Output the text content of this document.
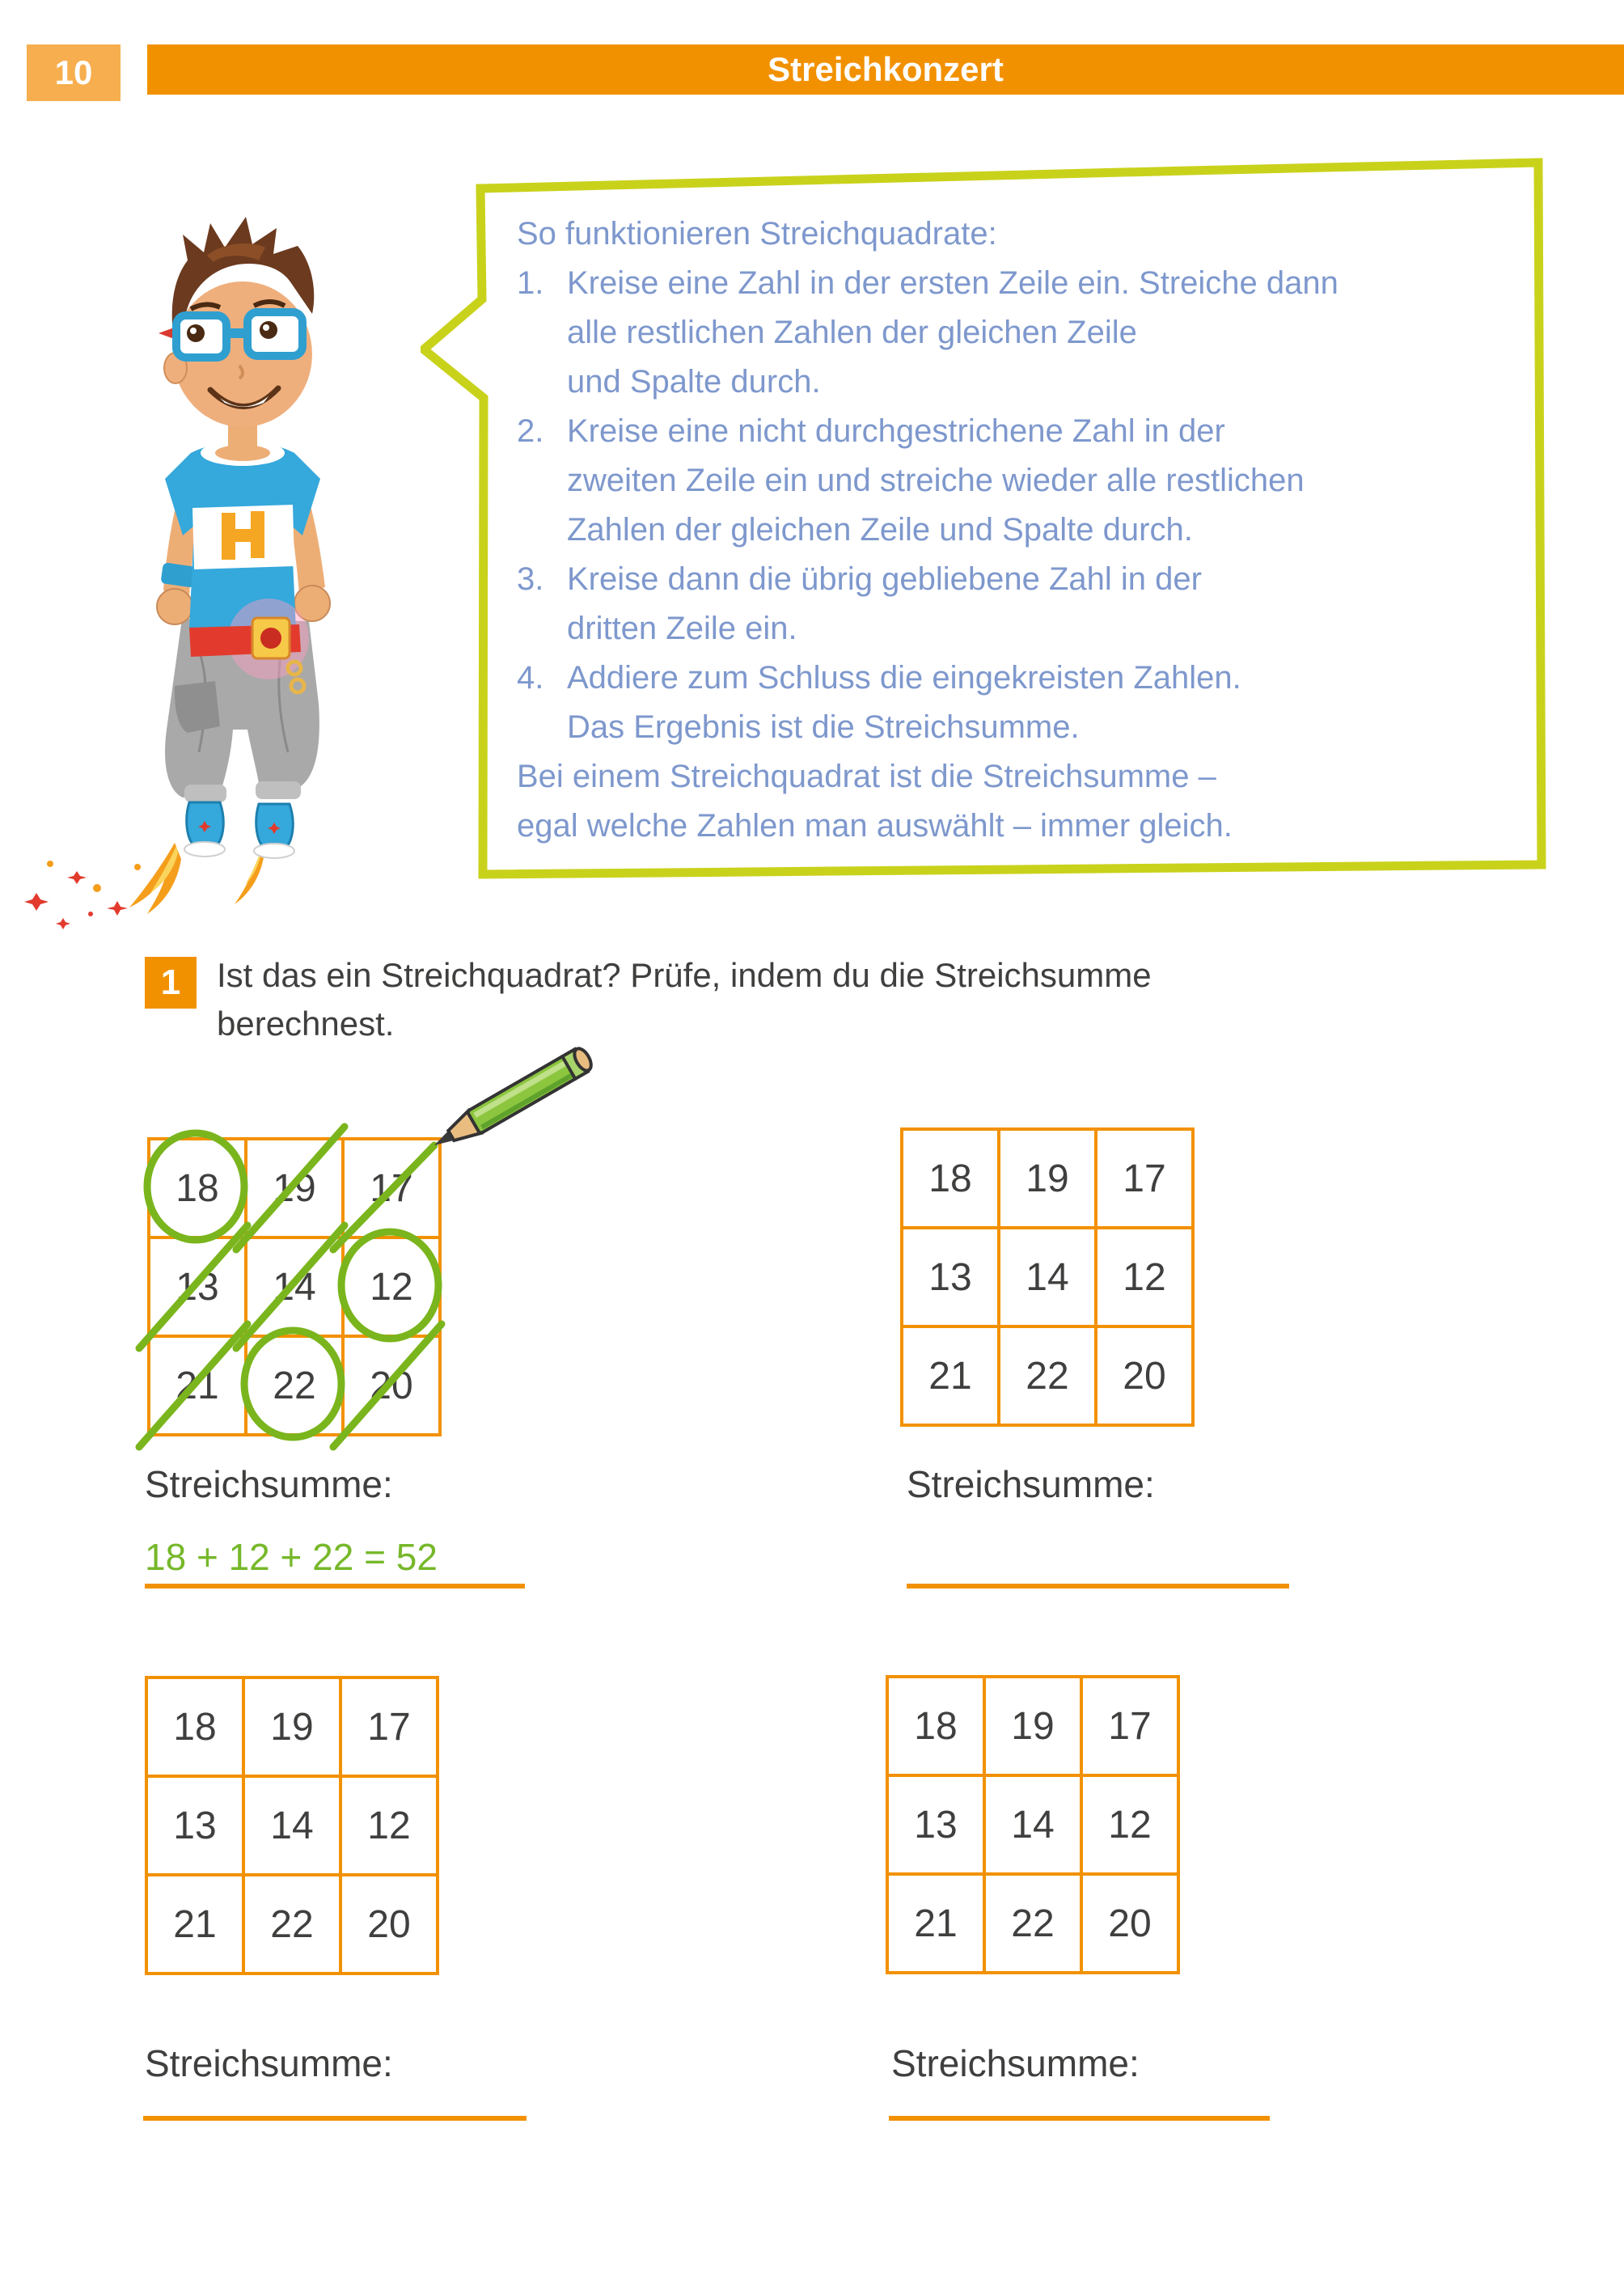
10	Streichkonzert
So funktionieren Streichquadrate:
1. Kreise eine Zahl in der ersten Zeile ein. Streiche dann
alle restlichen Zahlen der gleichen Zeile
und Spalte durch.
2. Kreise eine nicht durchgestrichene Zahl in der
zweiten Zeile ein und streiche wieder alle restlichen
Zahlen der gleichen Zeile und Spalte durch.
3. Kreise dann die übrig gebliebene Zahl in der
dritten Zeile ein.
4. Addiere zum Schluss die eingekreisten Zahlen.
Das Ergebnis ist die Streichsumme.
Bei einem Streichquadrat ist die Streichsumme –
egal welche Zahlen man auswählt – immer gleich.
1 Ist das ein Streichquadrat? Prüfe, indem du die Streichsumme
berechnest.
18 19 17
13 14 12
21 22 20
18 19 17
13 14 12
21 22 20
18 19 17
13 14 12
21 22 20
18 19 17
13 14 12
21 22 20
Streichsumme:	Streichsumme:
Streichsumme:	Streichsumme:
18 + 12 + 22 = 52
